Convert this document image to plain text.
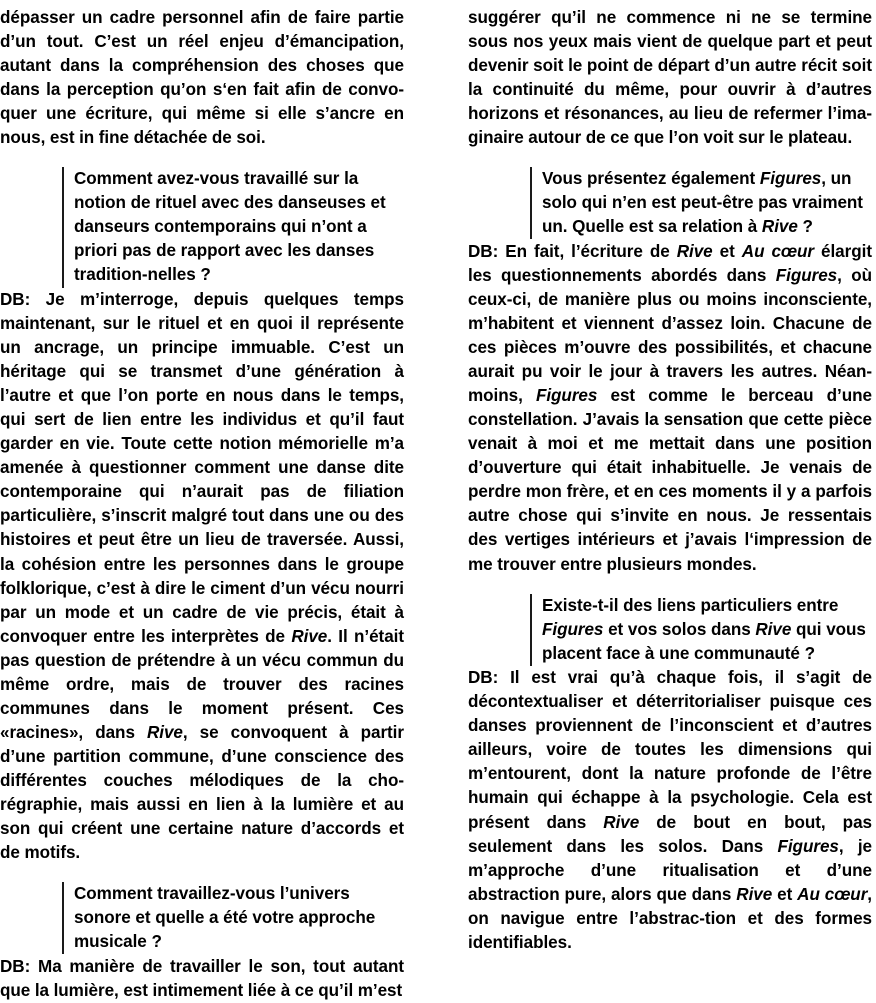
dépasser un cadre personnel afin de faire partie d’un tout. C’est un réel enjeu d’émancipation, autant dans la compréhension des choses que dans la perception qu’on s‘en fait afin de convo-quer une écriture, qui même si elle s’ancre en nous, est in fine détachée de soi.

Comment avez-vous travaillé sur la notion de rituel avec des danseuses et danseurs contemporains qui n’ont a priori pas de rapport avec les danses tradition-nelles ?

DB: Je m’interroge, depuis quelques temps maintenant, sur le rituel et en quoi il représente un ancrage, un principe immuable. C’est un héritage qui se transmet d’une génération à l’autre et que l’on porte en nous dans le temps, qui sert de lien entre les individus et qu’il faut garder en vie. Toute cette notion mémorielle m’a amenée à questionner comment une danse dite contemporaine qui n’aurait pas de filiation particulière, s’inscrit malgré tout dans une ou des histoires et peut être un lieu de traversée. Aussi, la cohésion entre les personnes dans le groupe folklorique, c’est à dire le ciment d’un vécu nourri par un mode et un cadre de vie précis, était à convoquer entre les interprètes de Rive. Il n’était pas question de prétendre à un vécu commun du même ordre, mais de trouver des racines communes dans le moment présent. Ces «racines», dans Rive, se convoquent à partir d’une partition commune, d’une conscience des différentes couches mélodiques de la cho-régraphie, mais aussi en lien à la lumière et au son qui créent une certaine nature d’accords et de motifs.

Comment travaillez-vous l’univers sonore et quelle a été votre approche musicale ?

DB: Ma manière de travailler le son, tout autant que la lumière, est intimement liée à ce qu’il m’est

suggérer qu’il ne commence ni ne se termine sous nos yeux mais vient de quelque part et peut devenir soit le point de départ d’un autre récit soit la continuité du même, pour ouvrir à d’autres horizons et résonances, au lieu de refermer l’ima-ginaire autour de ce que l’on voit sur le plateau.

Vous présentez également Figures, un solo qui n’en est peut-être pas vraiment un. Quelle est sa relation à Rive ?

DB: En fait, l’écriture de Rive et Au cœur élargit les questionnements abordés dans Figures, où ceux-ci, de manière plus ou moins inconsciente, m’habitent et viennent d’assez loin. Chacune de ces pièces m’ouvre des possibilités, et chacune aurait pu voir le jour à travers les autres. Néan-moins, Figures est comme le berceau d’une constellation. J’avais la sensation que cette pièce venait à moi et me mettait dans une position d’ouverture qui était inhabituelle. Je venais de perdre mon frère, et en ces moments il y a parfois autre chose qui s’invite en nous. Je ressentais des vertiges intérieurs et j’avais l‘impression de me trouver entre plusieurs mondes.

Existe-t-il des liens particuliers entre Figures et vos solos dans Rive qui vous placent face à une communauté ?

DB: Il est vrai qu’à chaque fois, il s’agit de décontextualiser et déterritorialiser puisque ces danses proviennent de l’inconscient et d’autres ailleurs, voire de toutes les dimensions qui m’entourent, dont la nature profonde de l’être humain qui échappe à la psychologie. Cela est présent dans Rive de bout en bout, pas seulement dans les solos. Dans Figures, je m’approche d’une ritualisation et d’une abstraction pure, alors que dans Rive et Au cœur, on navigue entre l’abstrac-tion et des formes identifiables.
